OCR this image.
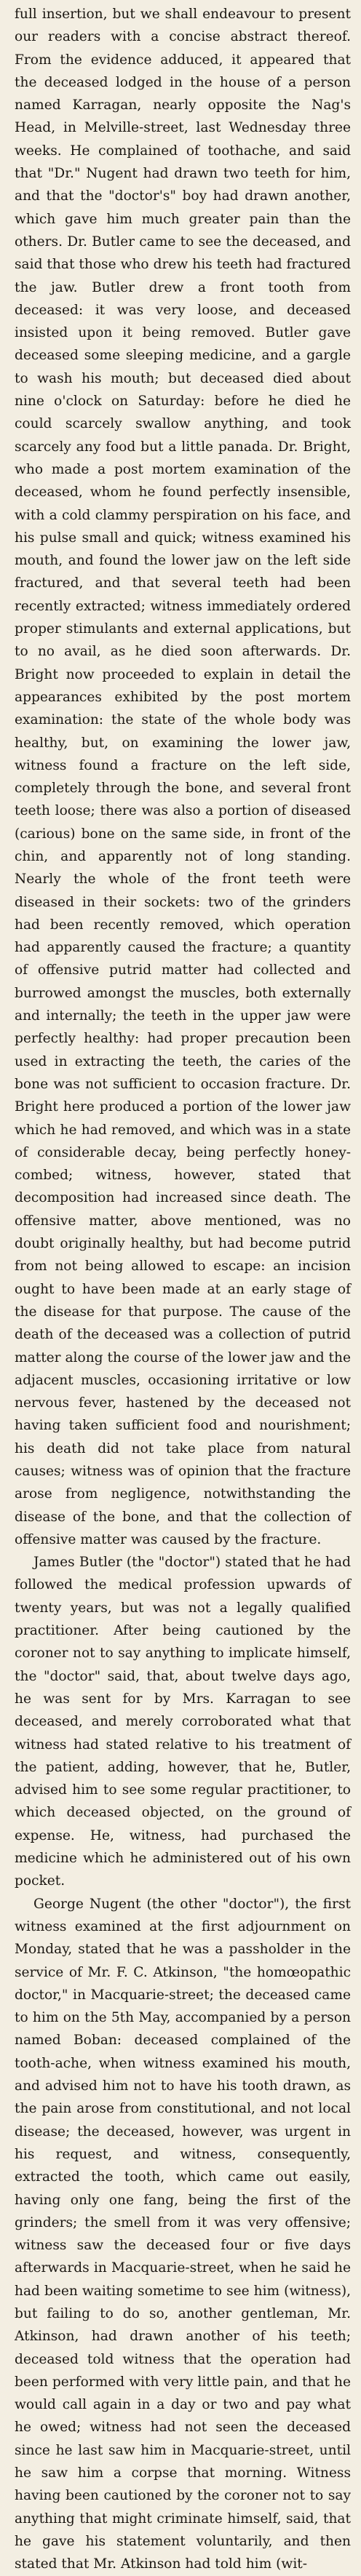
full insertion, but we shall endeavour to present our readers with a concise abstract thereof. From the evidence adduced, it appeared that the deceased lodged in the house of a person named Karragan, nearly opposite the Nag's Head, in Melville-street, last Wednesday three weeks. He complained of toothache, and said that "Dr." Nugent had drawn two teeth for him, and that the "doctor's" boy had drawn another, which gave him much greater pain than the others. Dr. Butler came to see the deceased, and said that those who drew his teeth had fractured the jaw. Butler drew a front tooth from deceased: it was very loose, and deceased insisted upon it being removed. Butler gave deceased some sleeping medicine, and a gargle to wash his mouth; but deceased died about nine o'clock on Saturday: before he died he could scarcely swallow anything, and took scarcely any food but a little panada. Dr. Bright, who made a post mortem examination of the deceased, whom he found perfectly insensible, with a cold clammy perspiration on his face, and his pulse small and quick; witness examined his mouth, and found the lower jaw on the left side fractured, and that several teeth had been recently extracted; witness immediately ordered proper stimulants and external applications, but to no avail, as he died soon afterwards. Dr. Bright now proceeded to explain in detail the appearances exhibited by the post mortem examination: the state of the whole body was healthy, but, on examining the lower jaw, witness found a fracture on the left side, completely through the bone, and several front teeth loose; there was also a portion of diseased (carious) bone on the same side, in front of the chin, and apparently not of long standing. Nearly the whole of the front teeth were diseased in their sockets: two of the grinders had been recently removed, which operation had apparently caused the fracture; a quantity of offensive putrid matter had collected and burrowed amongst the muscles, both externally and internally; the teeth in the upper jaw were perfectly healthy: had proper precaution been used in extracting the teeth, the caries of the bone was not sufficient to occasion fracture. Dr. Bright here produced a portion of the lower jaw which he had removed, and which was in a state of considerable decay, being perfectly honey-combed; witness, however, stated that decomposition had increased since death. The offensive matter, above mentioned, was no doubt originally healthy, but had become putrid from not being allowed to escape: an incision ought to have been made at an early stage of the disease for that purpose. The cause of the death of the deceased was a collection of putrid matter along the course of the lower jaw and the adjacent muscles, occasioning irritative or low nervous fever, hastened by the deceased not having taken sufficient food and nourishment; his death did not take place from natural causes; witness was of opinion that the fracture arose from negligence, notwithstanding the disease of the bone, and that the collection of offensive matter was caused by the fracture.

James Butler (the "doctor") stated that he had followed the medical profession upwards of twenty years, but was not a legally qualified practitioner. After being cautioned by the coroner not to say anything to implicate himself, the "doctor" said, that, about twelve days ago, he was sent for by Mrs. Karragan to see deceased, and merely corroborated what that witness had stated relative to his treatment of the patient, adding, however, that he, Butler, advised him to see some regular practitioner, to which deceased objected, on the ground of expense. He, witness, had purchased the medicine which he administered out of his own pocket.

George Nugent (the other "doctor"), the first witness examined at the first adjournment on Monday, stated that he was a passholder in the service of Mr. F. C. Atkinson, "the homœopathic doctor," in Macquarie-street; the deceased came to him on the 5th May, accompanied by a person named Boban: deceased complained of the tooth-ache, when witness examined his mouth, and advised him not to have his tooth drawn, as the pain arose from constitutional, and not local disease; the deceased, however, was urgent in his request, and witness, consequently, extracted the tooth, which came out easily, having only one fang, being the first of the grinders; the smell from it was very offensive; witness saw the deceased four or five days afterwards in Macquarie-street, when he said he had been waiting sometime to see him (witness), but failing to do so, another gentleman, Mr. Atkinson, had drawn another of his teeth; deceased told witness that the operation had been performed with very little pain, and that he would call again in a day or two and pay what he owed; witness had not seen the deceased since he last saw him in Macquarie-street, until he saw him a corpse that morning. Witness having been cautioned by the coroner not to say anything that might criminate himself, said, that he gave his statement voluntarily, and then stated that Mr. Atkinson had told him (wit-
